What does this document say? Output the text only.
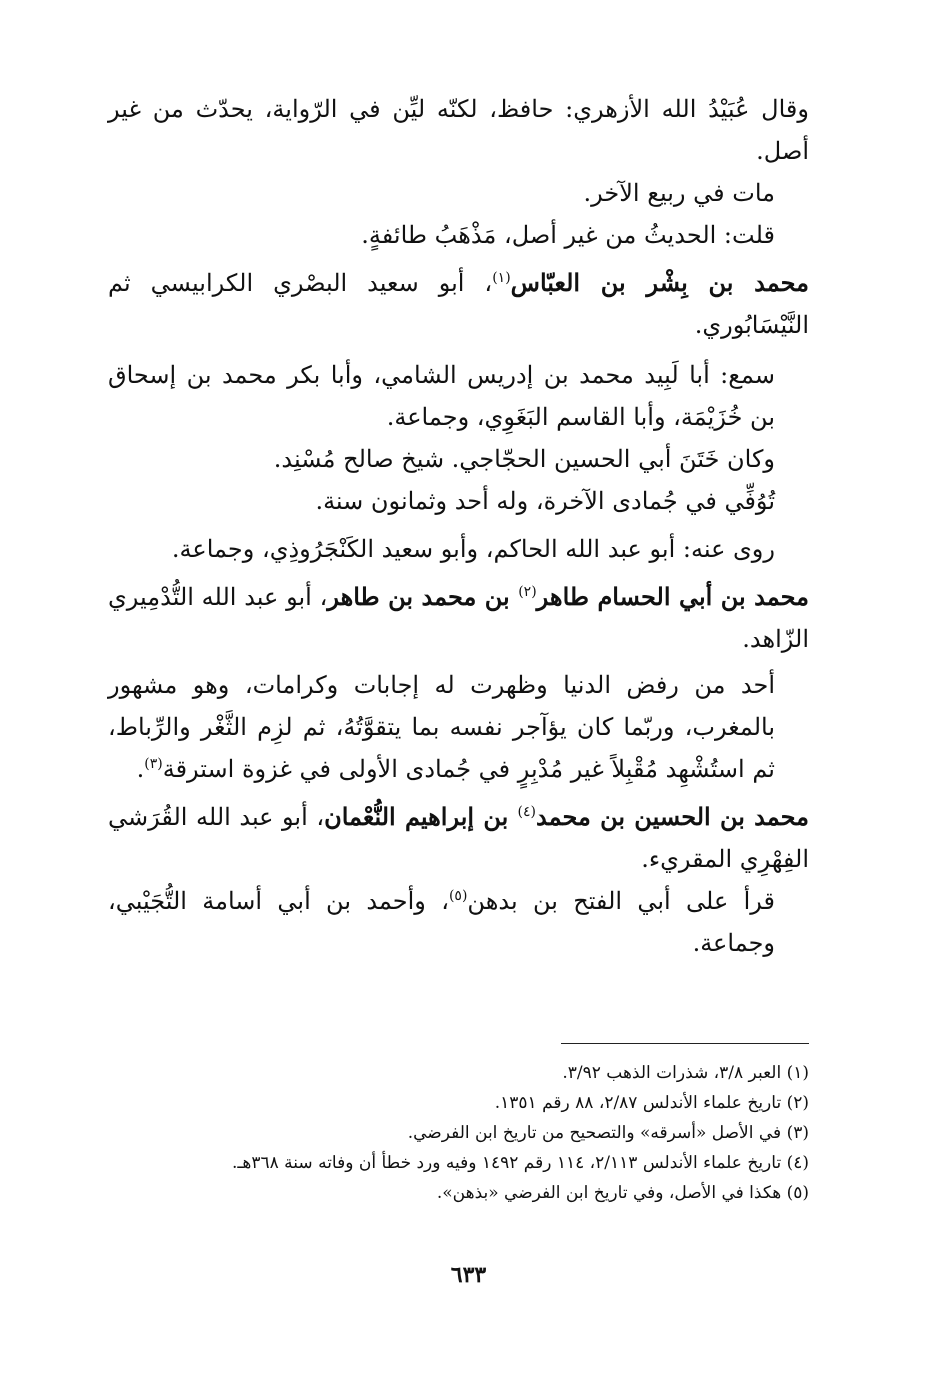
وقال عُبَيْدُ الله الأزهري: حافظ، لكنّه ليِّن في الرّواية، يحدّث من غير أصل.

مات في ربيع الآخر.

قلت: الحديثُ من غير أصل، مَذْهَبُ طائفةٍ.

محمد بن بِشْر بن العبّاس$^{(١)}$، أبو سعيد البصْري الكرابيسي ثم النَّيْسَابُوري.

سمع: أبا لَبِيد محمد بن إدريس الشامي، وأبا بكر محمد بن إسحاق بن خُزَيْمَة، وأبا القاسم البَغَوِي، وجماعة.

وكان خَتَنَ أبي الحسين الحجّاجي. شيخ صالح مُسْنِد.

تُوُفِّي في جُمادى الآخرة، وله أحد وثمانون سنة.

روى عنه: أبو عبد الله الحاكم، وأبو سعيد الكَنْجَرُوذِي، وجماعة.

محمد بن أبي الحسام طاهر$^{(٢)}$ بن محمد بن طاهر، أبو عبد الله التُّدْمِيري الزّاهد.

أحد من رفض الدنيا وظهرت له إجابات وكرامات، وهو مشهور بالمغرب، وربّما كان يؤآجر نفسه بما يتقوَّتُهُ، ثم لزِم الثَّغْر والرِّباط، ثم استُشْهِد مُقْبِلاً غير مُدْبِرٍ في جُمادى الأولى في غزوة استرقة$^{(٣)}$.

محمد بن الحسين بن محمد$^{(٤)}$ بن إبراهيم النُّعْمان، أبو عبد الله القُرَشي الفِهْرِي المقريء.

قرأ على أبي الفتح بن بدهن$^{(٥)}$، وأحمد بن أبي أسامة التُّجَيْبي، وجماعة.

(١) العبر ٣/٨، شذرات الذهب ٣/٩٢.

(٢) تاريخ علماء الأندلس ٢/٨٧، ٨٨ رقم ١٣٥١.

(٣) في الأصل «أسرقه» والتصحيح من تاريخ ابن الفرضي.

(٤) تاريخ علماء الأندلس ٢/١١٣، ١١٤ رقم ١٤٩٢ وفيه ورد خطأ أن وفاته سنة ٣٦٨هـ.

(٥) هكذا في الأصل، وفي تاريخ ابن الفرضي «بذهن».

٦٣٣
